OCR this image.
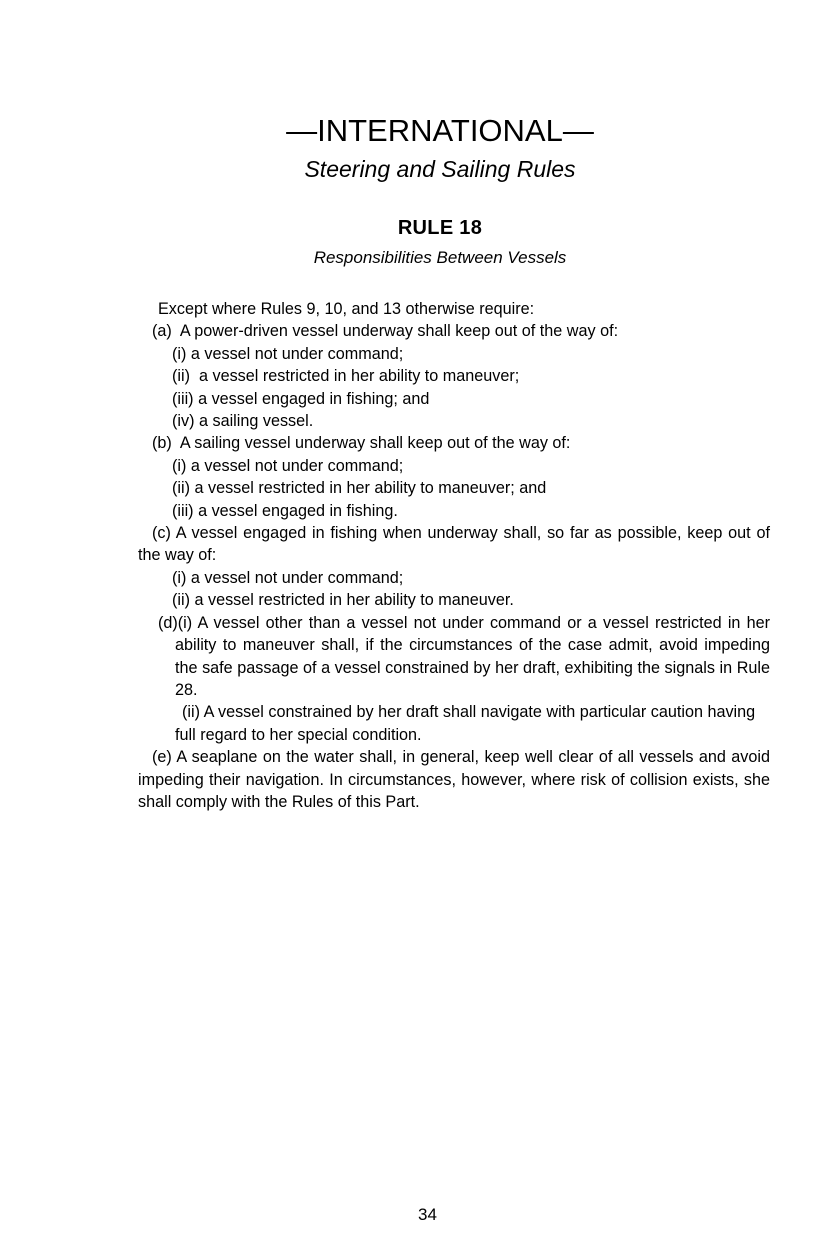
—INTERNATIONAL—
Steering and Sailing Rules
RULE 18
Responsibilities Between Vessels

Except where Rules 9, 10, and 13 otherwise require:

(a)  A power-driven vessel underway shall keep out of the way of:

(i) a vessel not under command;

(ii)  a vessel restricted in her ability to maneuver;

(iii) a vessel engaged in fishing; and

(iv) a sailing vessel.

(b)  A sailing vessel underway shall keep out of the way of:

(i) a vessel not under command;

(ii) a vessel restricted in her ability to maneuver; and

(iii) a vessel engaged in fishing.

(c) A vessel engaged in fishing when underway shall, so far as possible, keep out of the way of:

(i) a vessel not under command;

(ii) a vessel restricted in her ability to maneuver.

(d)(i) A vessel other than a vessel not under command or a vessel restricted in her ability to maneuver shall, if the circumstances of the case admit, avoid impeding the safe passage of a vessel constrained by her draft, exhibiting the signals in Rule 28.

(ii) A vessel constrained by her draft shall navigate with particular caution having full regard to her special condition.

(e) A seaplane on the water shall, in general, keep well clear of all vessels and avoid impeding their navigation. In circumstances, however, where risk of collision exists, she shall comply with the Rules of this Part.

34
